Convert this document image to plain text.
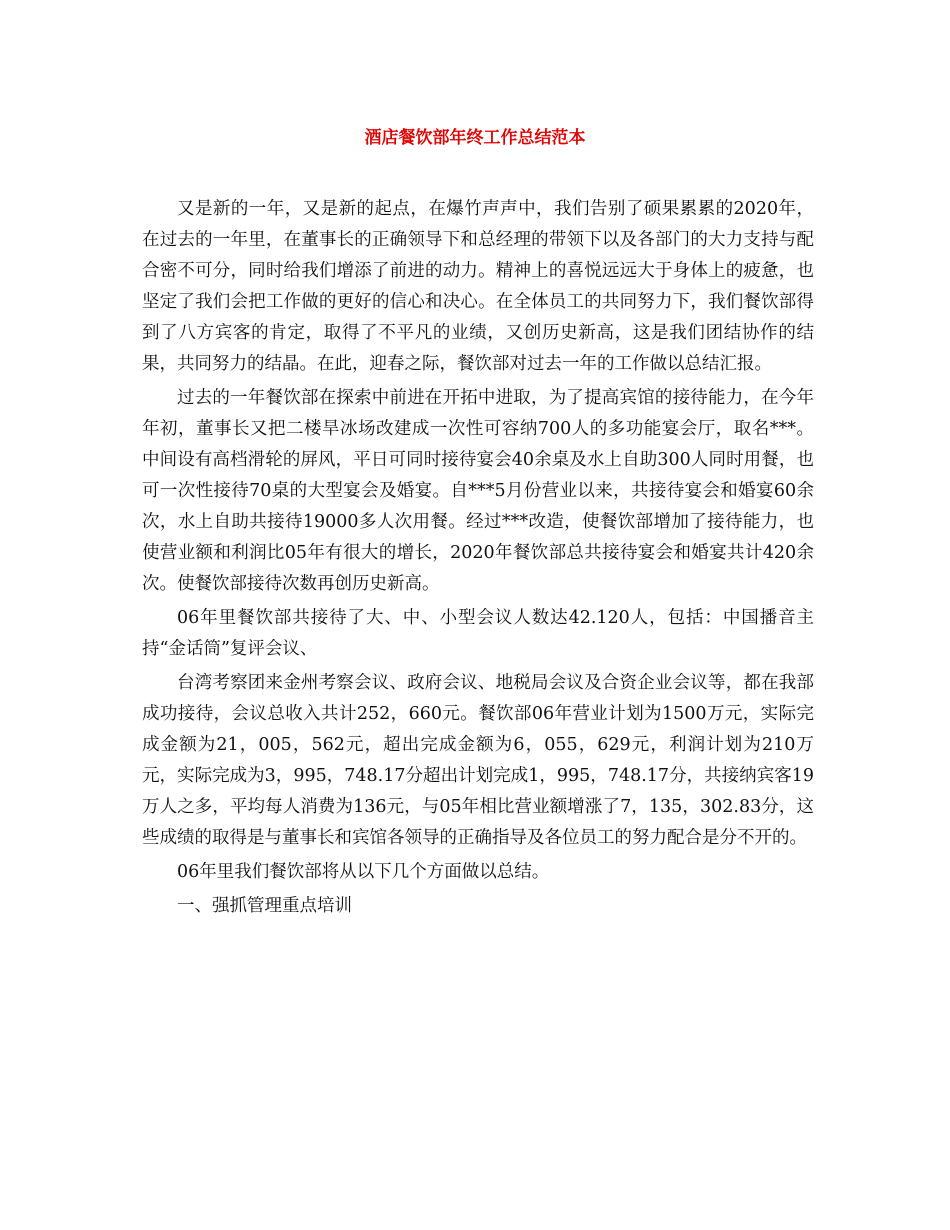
酒店餐饮部年终工作总结范本

又是新的一年，又是新的起点，在爆竹声声中，我们告别了硕果累累的2020年，在过去的一年里，在董事长的正确领导下和总经理的带领下以及各部门的大力支持与配合密不可分，同时给我们增添了前进的动力。精神上的喜悦远远大于身体上的疲惫，也坚定了我们会把工作做的更好的信心和决心。在全体员工的共同努力下，我们餐饮部得到了八方宾客的肯定，取得了不平凡的业绩，又创历史新高，这是我们团结协作的结果，共同努力的结晶。在此，迎春之际，餐饮部对过去一年的工作做以总结汇报。

过去的一年餐饮部在探索中前进在开拓中进取，为了提高宾馆的接待能力，在今年年初，董事长又把二楼旱冰场改建成一次性可容纳700人的多功能宴会厅，取名***。中间设有高档滑轮的屏风，平日可同时接待宴会40余桌及水上自助300人同时用餐，也可一次性接待70桌的大型宴会及婚宴。自***5月份营业以来，共接待宴会和婚宴60余次，水上自助共接待19000多人次用餐。经过***改造，使餐饮部增加了接待能力，也使营业额和利润比05年有很大的增长，2020年餐饮部总共接待宴会和婚宴共计420余次。使餐饮部接待次数再创历史新高。

06年里餐饮部共接待了大、中、小型会议人数达42.120人，包括：中国播音主持“金话筒”复评会议、

台湾考察团来金州考察会议、政府会议、地税局会议及合资企业会议等，都在我部成功接待，会议总收入共计252，660元。餐饮部06年营业计划为1500万元，实际完成金额为21，005，562元，超出完成金额为6，055，629元，利润计划为210万元，实际完成为3，995，748.17分超出计划完成1，995，748.17分，共接纳宾客19万人之多，平均每人消费为136元，与05年相比营业额增涨了7，135，302.83分，这些成绩的取得是与董事长和宾馆各领导的正确指导及各位员工的努力配合是分不开的。

06年里我们餐饮部将从以下几个方面做以总结。

一、强抓管理重点培训
